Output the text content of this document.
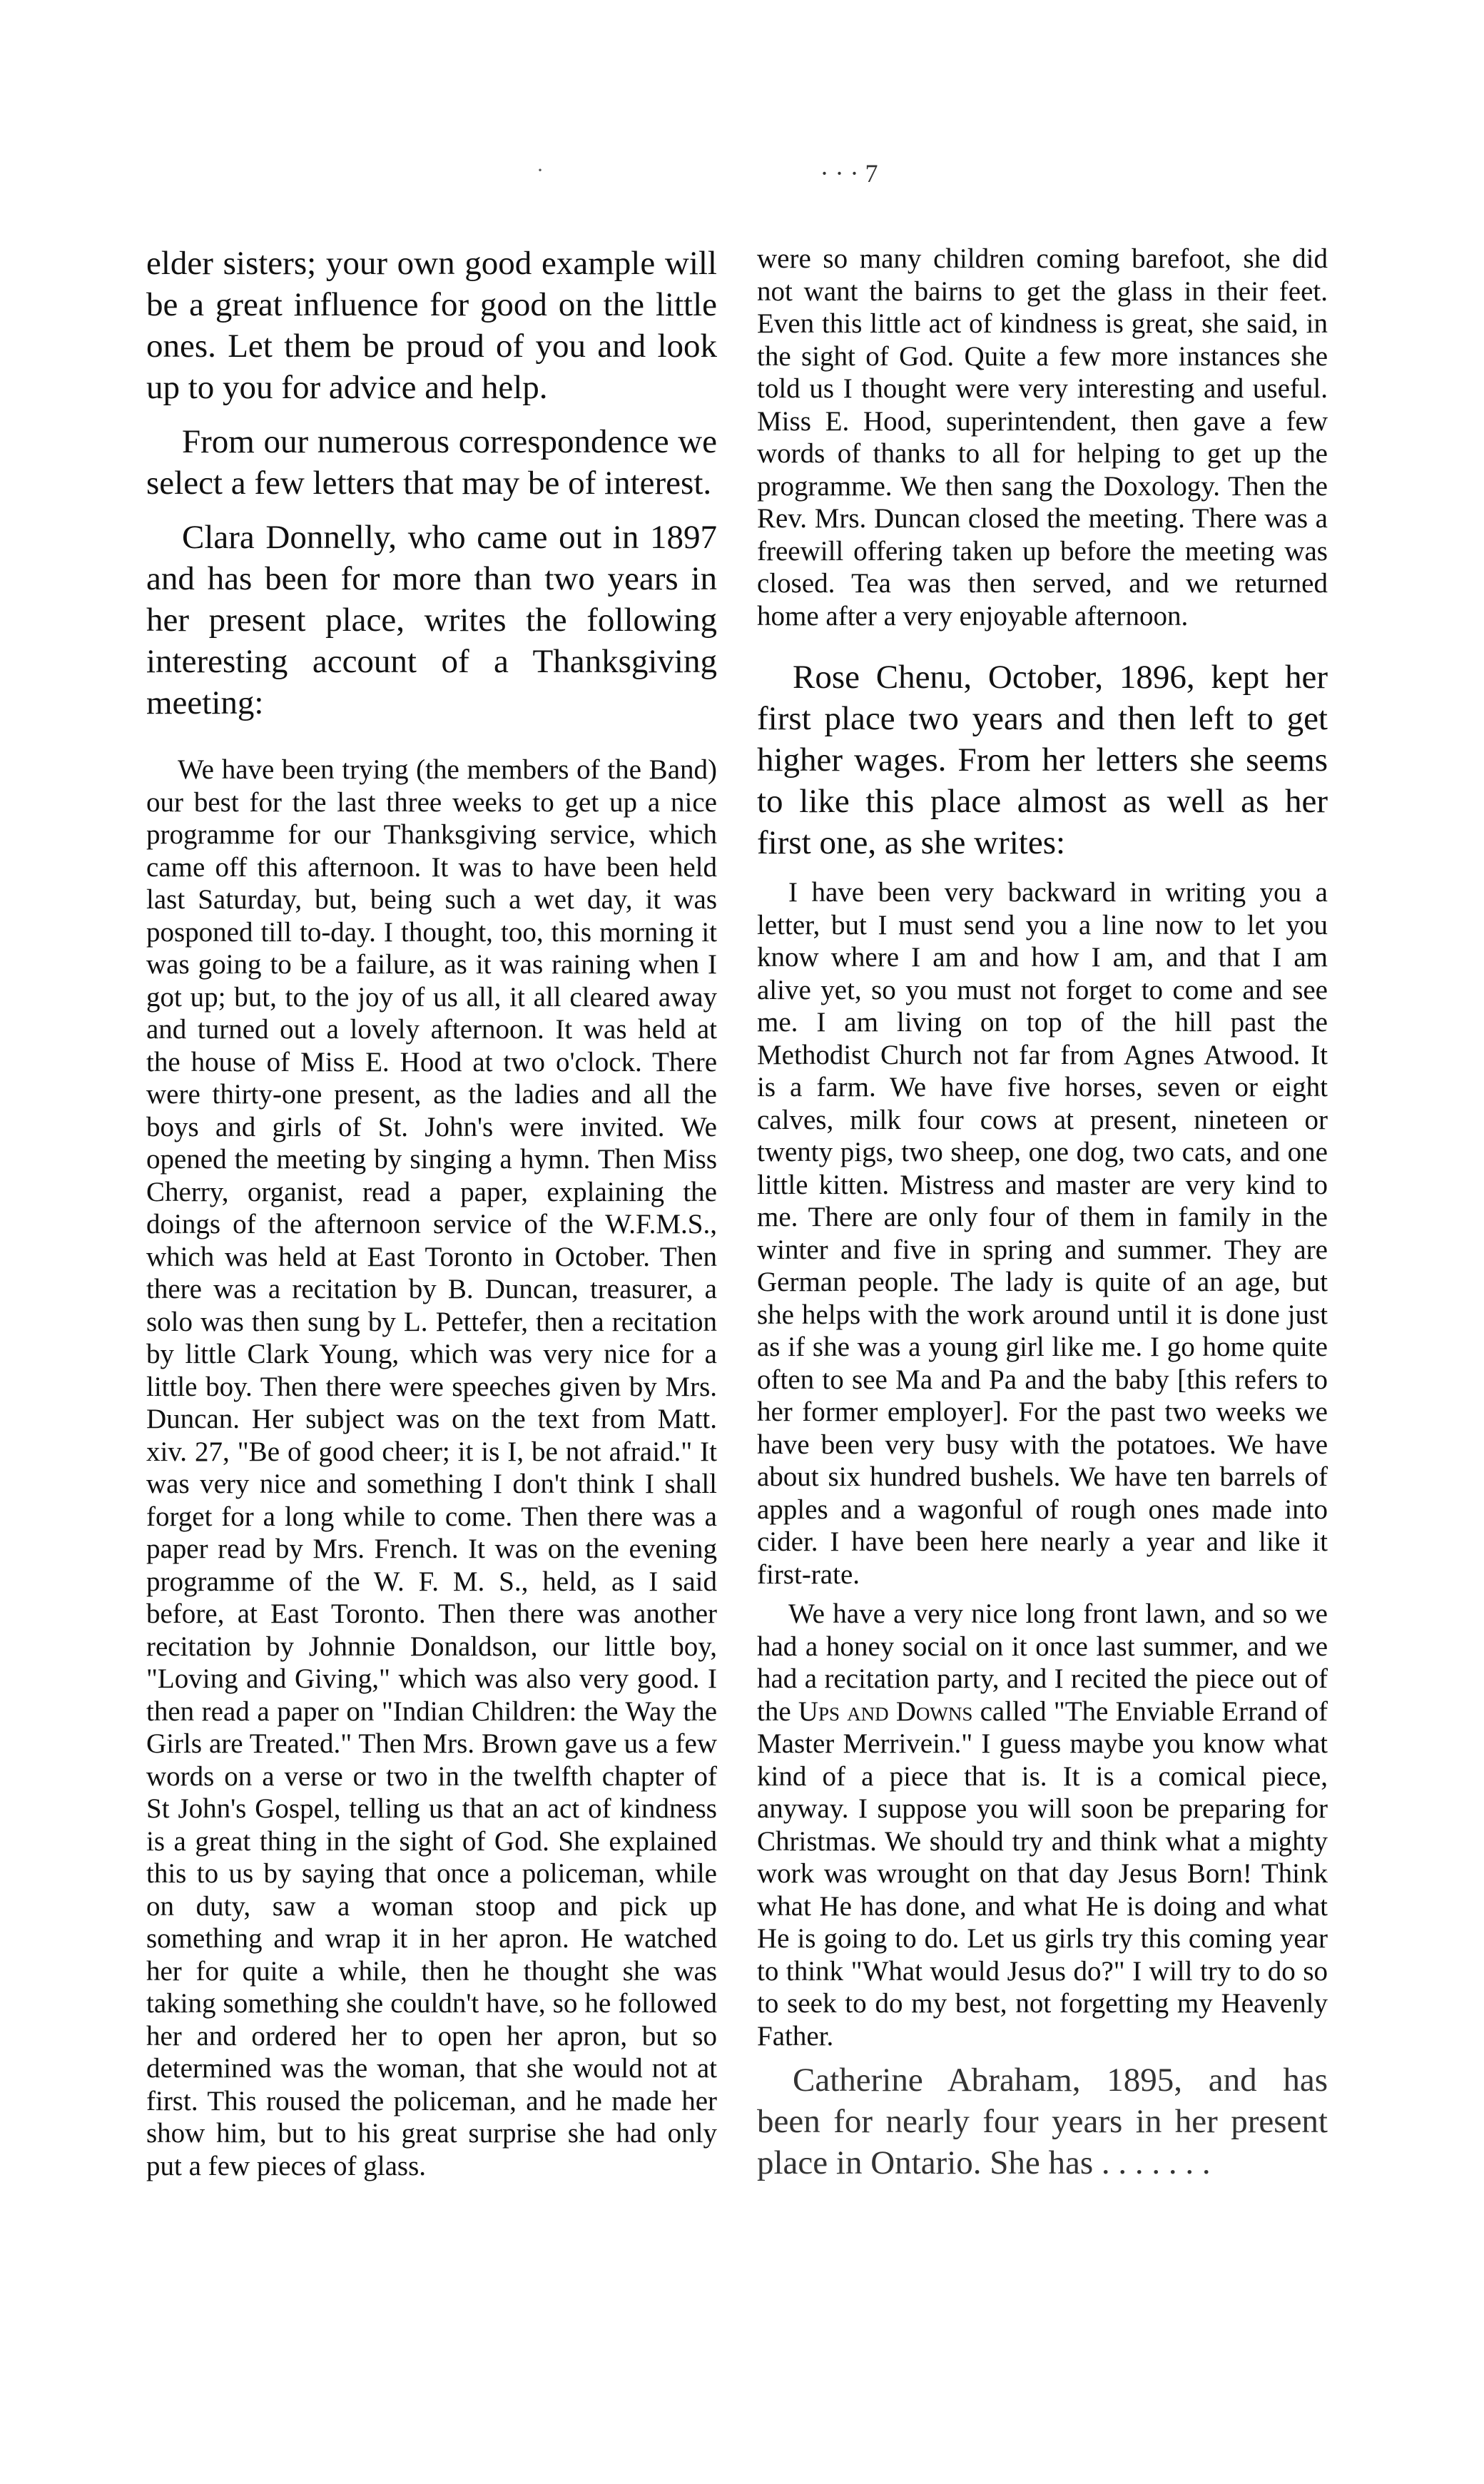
·	· · · 7

elder sisters; your own good example will be a great influence for good on the little ones. Let them be proud of you and look up to you for advice and help.

From our numerous correspondence we select a few letters that may be of interest.

Clara Donnelly, who came out in 1897 and has been for more than two years in her present place, writes the following interesting account of a Thanksgiving meeting:

We have been trying (the members of the Band) our best for the last three weeks to get up a nice programme for our Thanksgiving service, which came off this afternoon. It was to have been held last Saturday, but, being such a wet day, it was posponed till to-day. I thought, too, this morning it was going to be a failure, as it was raining when I got up; but, to the joy of us all, it all cleared away and turned out a lovely afternoon. It was held at the house of Miss E. Hood at two o'clock. There were thirty-one present, as the ladies and all the boys and girls of St. John's were invited. We opened the meeting by singing a hymn. Then Miss Cherry, organist, read a paper, explaining the doings of the afternoon service of the W.F.M.S., which was held at East Toronto in October. Then there was a recitation by B. Duncan, treasurer, a solo was then sung by L. Pettefer, then a recitation by little Clark Young, which was very nice for a little boy. Then there were speeches given by Mrs. Duncan. Her subject was on the text from Matt. xiv. 27, "Be of good cheer; it is I, be not afraid." It was very nice and something I don't think I shall forget for a long while to come. Then there was a paper read by Mrs. French. It was on the evening programme of the W. F. M. S., held, as I said before, at East Toronto. Then there was another recitation by Johnnie Donaldson, our little boy, "Loving and Giving," which was also very good. I then read a paper on "Indian Children: the Way the Girls are Treated." Then Mrs. Brown gave us a few words on a verse or two in the twelfth chapter of St John's Gospel, telling us that an act of kindness is a great thing in the sight of God. She explained this to us by saying that once a policeman, while on duty, saw a woman stoop and pick up something and wrap it in her apron. He watched her for quite a while, then he thought she was taking something she couldn't have, so he followed her and ordered her to open her apron, but so determined was the woman, that she would not at first. This roused the policeman, and he made her show him, but to his great surprise she had only put a few pieces of glass.

were so many children coming barefoot, she did not want the bairns to get the glass in their feet. Even this little act of kindness is great, she said, in the sight of God. Quite a few more instances she told us I thought were very interesting and useful. Miss E. Hood, superintendent, then gave a few words of thanks to all for helping to get up the programme. We then sang the Doxology. Then the Rev. Mrs. Duncan closed the meeting. There was a freewill offering taken up before the meeting was closed. Tea was then served, and we returned home after a very enjoyable afternoon.

Rose Chenu, October, 1896, kept her first place two years and then left to get higher wages. From her letters she seems to like this place almost as well as her first one, as she writes:

I have been very backward in writing you a letter, but I must send you a line now to let you know where I am and how I am, and that I am alive yet, so you must not forget to come and see me. I am living on top of the hill past the Methodist Church not far from Agnes Atwood. It is a farm. We have five horses, seven or eight calves, milk four cows at present, nineteen or twenty pigs, two sheep, one dog, two cats, and one little kitten. Mistress and master are very kind to me. There are only four of them in family in the winter and five in spring and summer. They are German people. The lady is quite of an age, but she helps with the work around until it is done just as if she was a young girl like me. I go home quite often to see Ma and Pa and the baby [this refers to her former employer]. For the past two weeks we have been very busy with the potatoes. We have about six hundred bushels. We have ten barrels of apples and a wagonful of rough ones made into cider. I have been here nearly a year and like it first-rate.

We have a very nice long front lawn, and so we had a honey social on it once last summer, and we had a recitation party, and I recited the piece out of the Ups and Downs called "The Enviable Errand of Master Merrivein." I guess maybe you know what kind of a piece that is. It is a comical piece, anyway. I suppose you will soon be preparing for Christmas. We should try and think what a mighty work was wrought on that day Jesus Born! Think what He has done, and what He is doing and what He is going to do. Let us girls try this coming year to think "What would Jesus do?" I will try to do so to seek to do my best, not forgetting my Heavenly Father.

Catherine Abraham, 1895, and has been for nearly four years in her present place in Ontario. She has . . . . . . .
